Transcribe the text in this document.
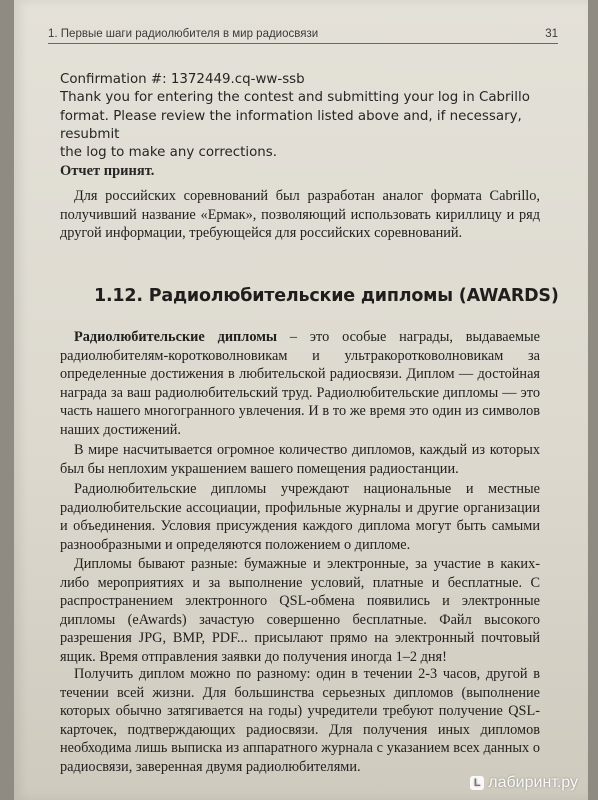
1. Первые шаги радиолюбителя в мир радиосвязи	31
Confirmation #: 1372449.cq-ww-ssb
Thank you for entering the contest and submitting your log in Cabrillo
format. Please review the information listed above and, if necessary,
resubmit
the log to make any corrections.
Отчет принят.

Для российских соревнований был разработан аналог формата Cabrillo, получивший название «Ермак», позволяющий использовать кириллицу и ряд другой информации, требующейся для российских соревнований.

1.12. Радиолюбительские дипломы (AWARDS)

Радиолюбительские дипломы – это особые награды, выдаваемые радиолюбителям-коротковолновикам и ультракоротковолновикам за определенные достижения в любительской радиосвязи. Диплом — достойная награда за ваш радиолюбительский труд. Радиолюбительские дипломы — это часть нашего многогранного увлечения. И в то же время это один из символов наших достижений.

В мире насчитывается огромное количество дипломов, каждый из которых был бы неплохим украшением вашего помещения радиостанции.

Радиолюбительские дипломы учреждают национальные и местные радиолюбительские ассоциации, профильные журналы и другие организации и объединения. Условия присуждения каждого диплома могут быть самыми разнообразными и определяются положением о дипломе.

Дипломы бывают разные: бумажные и электронные, за участие в каких-либо мероприятиях и за выполнение условий, платные и бесплатные. С распространением электронного QSL-обмена появились и электронные дипломы (eAwards) зачастую совершенно бесплатные. Файл высокого разрешения JPG, BMP, PDF... присылают прямо на электронный почтовый ящик. Время отправления заявки до получения иногда 1–2 дня!

Получить диплом можно по разному: один в течении 2-3 часов, другой в течении всей жизни. Для большинства серьезных дипломов (выполнение которых обычно затягивается на годы) учредители требуют получение QSL-карточек, подтверждающих радиосвязи. Для получения иных дипломов необходима лишь выписка из аппаратного журнала с указанием всех данных о радиосвязи, заверенная двумя радиолюбителями.

L лабиринт.ру
